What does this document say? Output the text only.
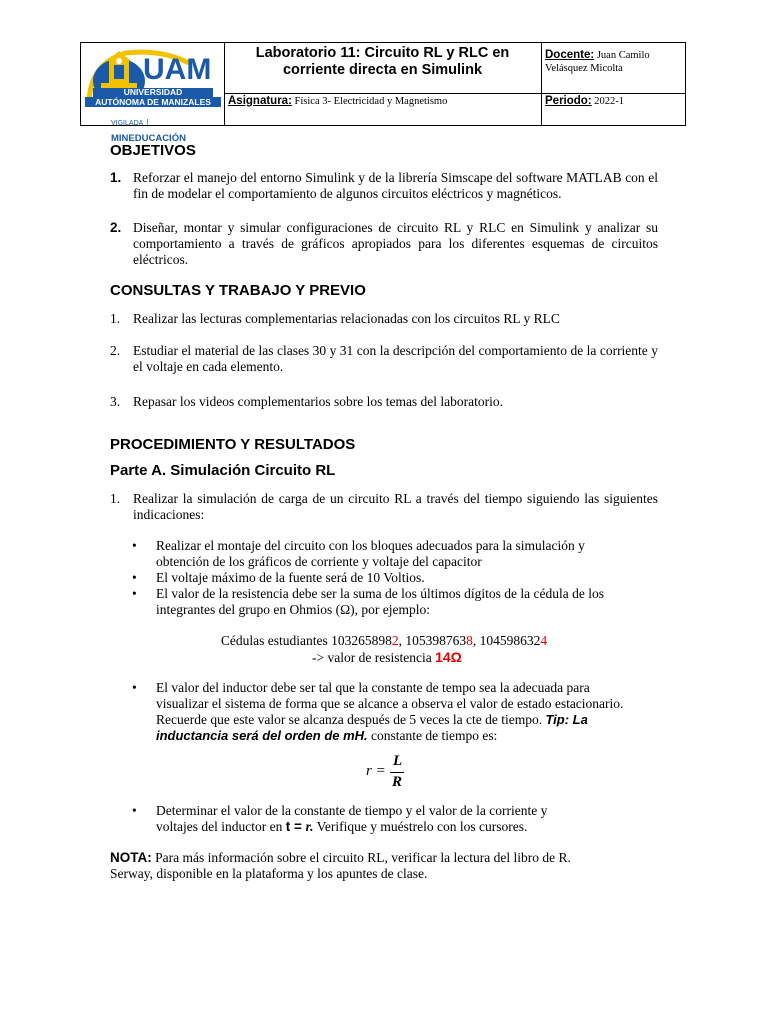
UAM
UNIVERSIDAD
AUTÓNOMA DE MANIZALES
VIGILADA | MINEDUCACIÓN
Laboratorio 11: Circuito RL y RLC en corriente directa en Simulink
Asignatura: Física 3- Electricidad y Magnetismo
Docente: Juan Camilo Velásquez Micolta
Periodo: 2022-1
OBJETIVOS
1. Reforzar el manejo del entorno Simulink y de la librería Simscape del software MATLAB con el fin de modelar el comportamiento de algunos circuitos eléctricos y magnéticos.
2. Diseñar, montar y simular configuraciones de circuito RL y RLC en Simulink y analizar su comportamiento a través de gráficos apropiados para los diferentes esquemas de circuitos eléctricos.
CONSULTAS Y TRABAJO Y PREVIO
1. Realizar las lecturas complementarias relacionadas con los circuitos RL y RLC
2. Estudiar el material de las clases 30 y 31 con la descripción del comportamiento de la corriente y el voltaje en cada elemento.
3. Repasar los videos complementarios sobre los temas del laboratorio.
PROCEDIMIENTO Y RESULTADOS
Parte A. Simulación Circuito RL
1. Realizar la simulación de carga de un circuito RL a través del tiempo siguiendo las siguientes indicaciones:
• Realizar el montaje del circuito con los bloques adecuados para la simulación y obtención de los gráficos de corriente y voltaje del capacitor
• El voltaje máximo de la fuente será de 10 Voltios.
• El valor de la resistencia debe ser la suma de los últimos dígitos de la cédula de los integrantes del grupo en Ohmios (Ω), por ejemplo:
Cédulas estudiantes 1032658982, 1053987638, 1045986324
-> valor de resistencia 14Ω
• El valor del inductor debe ser tal que la constante de tempo sea la adecuada para visualizar el sistema de forma que se alcance a observa el valor de estado estacionario. Recuerde que este valor se alcanza después de 5 veces la cte de tiempo. Tip: La inductancia será del orden de mH. constante de tiempo es:
r =
L
R
• Determinar el valor de la constante de tiempo y el valor de la corriente y voltajes del inductor en t = r. Verifique y muéstrelo con los cursores.
NOTA: Para más información sobre el circuito RL, verificar la lectura del libro de R. Serway, disponible en la plataforma y los apuntes de clase.
